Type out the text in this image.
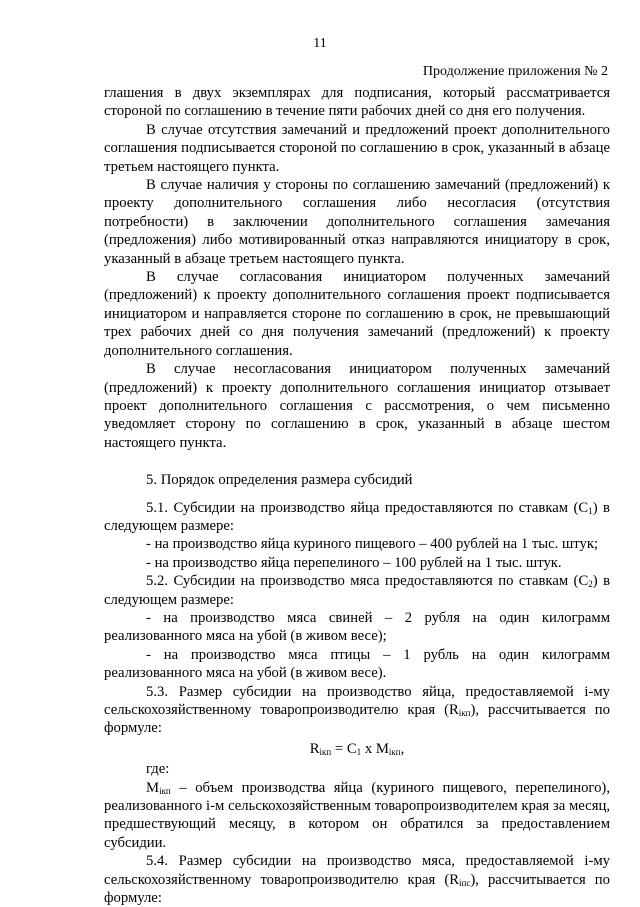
11
Продолжение приложения № 2

глашения в двух экземплярах для подписания, который рассматривается стороной по соглашению в течение пяти рабочих дней со дня его получения.

В случае отсутствия замечаний и предложений проект дополнительного соглашения подписывается стороной по соглашению в срок, указанный в абзаце третьем настоящего пункта.

В случае наличия у стороны по соглашению замечаний (предложений) к проекту дополнительного соглашения либо несогласия (отсутствия потребности) в заключении дополнительного соглашения замечания (предложения) либо мотивированный отказ направляются инициатору в срок, указанный в абзаце третьем настоящего пункта.

В случае согласования инициатором полученных замечаний (предложений) к проекту дополнительного соглашения проект подписывается инициатором и направляется стороне по соглашению в срок, не превышающий трех рабочих дней со дня получения замечаний (предложений) к проекту дополнительного соглашения.

В случае несогласования инициатором полученных замечаний (предложений) к проекту дополнительного соглашения инициатор отзывает проект дополнительного соглашения с рассмотрения, о чем письменно уведомляет сторону по соглашению в срок, указанный в абзаце шестом настоящего пункта.

5. Порядок определения размера субсидий

5.1. Субсидии на производство яйца предоставляются по ставкам $(С_1)$ в следующем размере:

- на производство яйца куриного пищевого – 400 рублей на 1 тыс. штук;

- на производство яйца перепелиного – 100 рублей на 1 тыс. штук.

5.2. Субсидии на производство мяса предоставляются по ставкам $(С_2)$ в следующем размере:

- на производство мяса свиней – 2 рубля на один килограмм реализованного мяса на убой (в живом весе);

- на производство мяса птицы – 1 рубль на один килограмм реализованного мяса на убой (в живом весе).

5.3. Размер субсидии на производство яйца, предоставляемой i-му сельскохозяйственному товаропроизводителю края $(R_{iкп})$, рассчитывается по формуле:

$R_{iкп} = С_1$ х $M_{iкп}$,

где:

$M_{iкп}$ – объем производства яйца (куриного пищевого, перепелиного), реализованного i-м сельскохозяйственным товаропроизводителем края за месяц, предшествующий месяцу, в котором он обратился за предоставлением субсидии.

5.4. Размер субсидии на производство мяса, предоставляемой i-му сельскохозяйственному товаропроизводителю края $(R_{iпс})$, рассчитывается по формуле:
